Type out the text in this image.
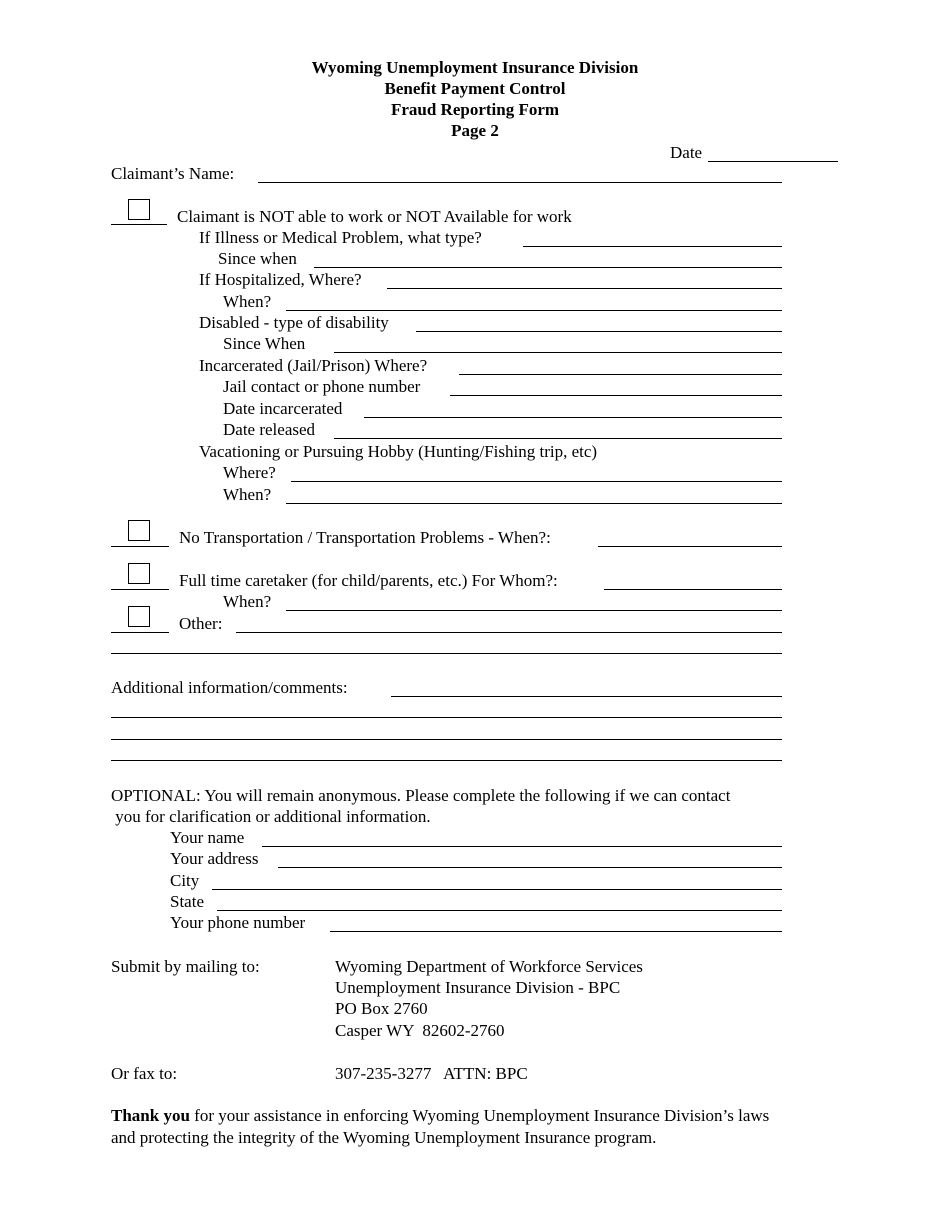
Wyoming Unemployment Insurance Division
Benefit Payment Control
Fraud Reporting Form
Page 2
Date
Claimant’s Name:
Claimant is NOT able to work or NOT Available for work
If Illness or Medical Problem, what type?
Since when
If Hospitalized, Where?
When?
Disabled - type of disability
Since When
Incarcerated (Jail/Prison) Where?
Jail contact or phone number
Date incarcerated
Date released
Vacationing or Pursuing Hobby (Hunting/Fishing trip, etc)
Where?
When?
No Transportation / Transportation Problems - When?:
Full time caretaker (for child/parents, etc.) For Whom?:
When?
Other:
Additional information/comments:
OPTIONAL: You will remain anonymous. Please complete the following if we can contact
you for clarification or additional information.
Your name
Your address
City
State
Your phone number
Submit by mailing to:	Wyoming Department of Workforce Services
Unemployment Insurance Division - BPC
PO Box 2760
Casper WY  82602-2760
Or fax to:	307-235-3277   ATTN: BPC
Thank you for your assistance in enforcing Wyoming Unemployment Insurance Division’s laws
and protecting the integrity of the Wyoming Unemployment Insurance program.
